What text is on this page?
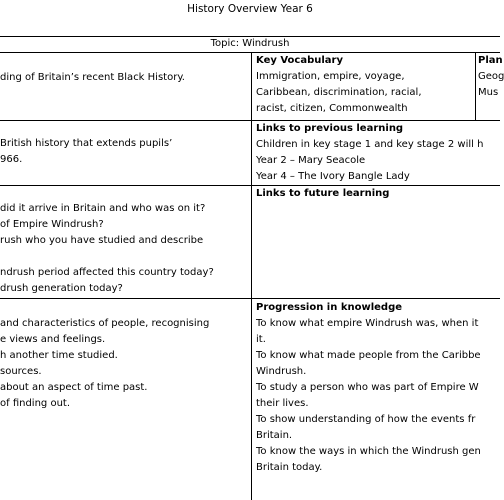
History Overview Year 6
Topic: Windrush
ding of Britain’s recent Black History.
Key Vocabulary
Immigration, empire, voyage,
Caribbean, discrimination, racial,
racist, citizen, Commonwealth
Plan
Geog
Mus
British history that extends pupils’
966.
Links to previous learning
Children in key stage 1 and key stage 2 will h
Year 2 – Mary Seacole
Year 4 – The Ivory Bangle Lady
did it arrive in Britain and who was on it?
of Empire Windrush?
rush who you have studied and describe
ndrush period affected this country today?
drush generation today?
Links to future learning
and characteristics of people, recognising
e views and feelings.
h another time studied.
sources.
about an aspect of time past.
of finding out.
Progression in knowledge
To know what empire Windrush was, when it
it.
To know what made people from the Caribbe
Windrush.
To study a person who was part of Empire W
their lives.
To show understanding of how the events fr
Britain.
To know the ways in which the Windrush gen
Britain today.
